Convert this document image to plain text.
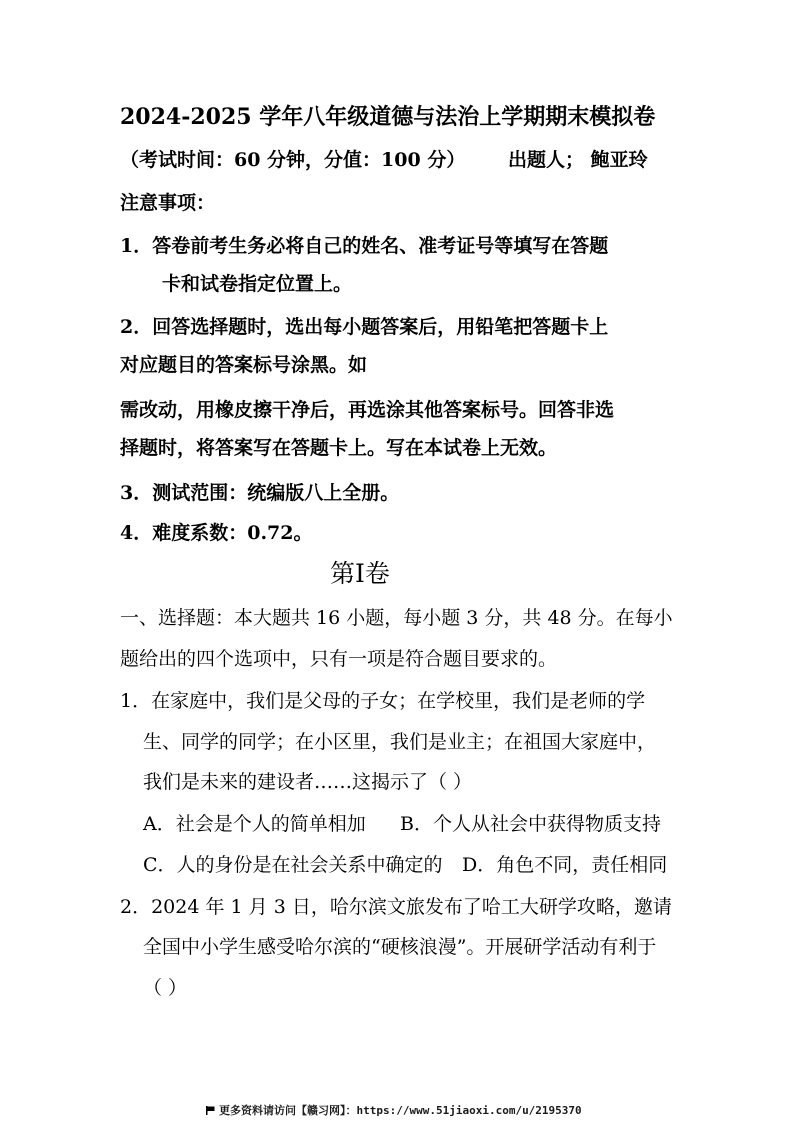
2024-2025 学年八年级道德与法治上学期期末模拟卷
（考试时间：60 分钟，分值：100 分） 出题人； 鲍亚玲
注意事项：
1．答卷前考生务必将自己的姓名、准考证号等填写在答题
卡和试卷指定位置上。
2．回答选择题时，选出每小题答案后，用铅笔把答题卡上
对应题目的答案标号涂黑。如
需改动，用橡皮擦干净后，再选涂其他答案标号。回答非选
择题时，将答案写在答题卡上。写在本试卷上无效。
3．测试范围：统编版八上全册。
4．难度系数：0.72。
第Ⅰ卷
一、选择题：本大题共 16 小题，每小题 3 分，共 48 分。在每小
题给出的四个选项中，只有一项是符合题目要求的。
1．在家庭中，我们是父母的子女；在学校里，我们是老师的学
生、同学的同学；在小区里，我们是业主；在祖国大家庭中，
我们是未来的建设者……这揭示了（ ）
A．社会是个人的简单相加 B．个人从社会中获得物质支持
C．人的身份是在社会关系中确定的 D．角色不同，责任相同
2．2024 年 1 月 3 日，哈尔滨文旅发布了哈工大研学攻略，邀请
全国中小学生感受哈尔滨的“硬核浪漫”。开展研学活动有利于
（ ）
更多资料请访问【赣习网】：https://www.51jiaoxi.com/u/2195370
